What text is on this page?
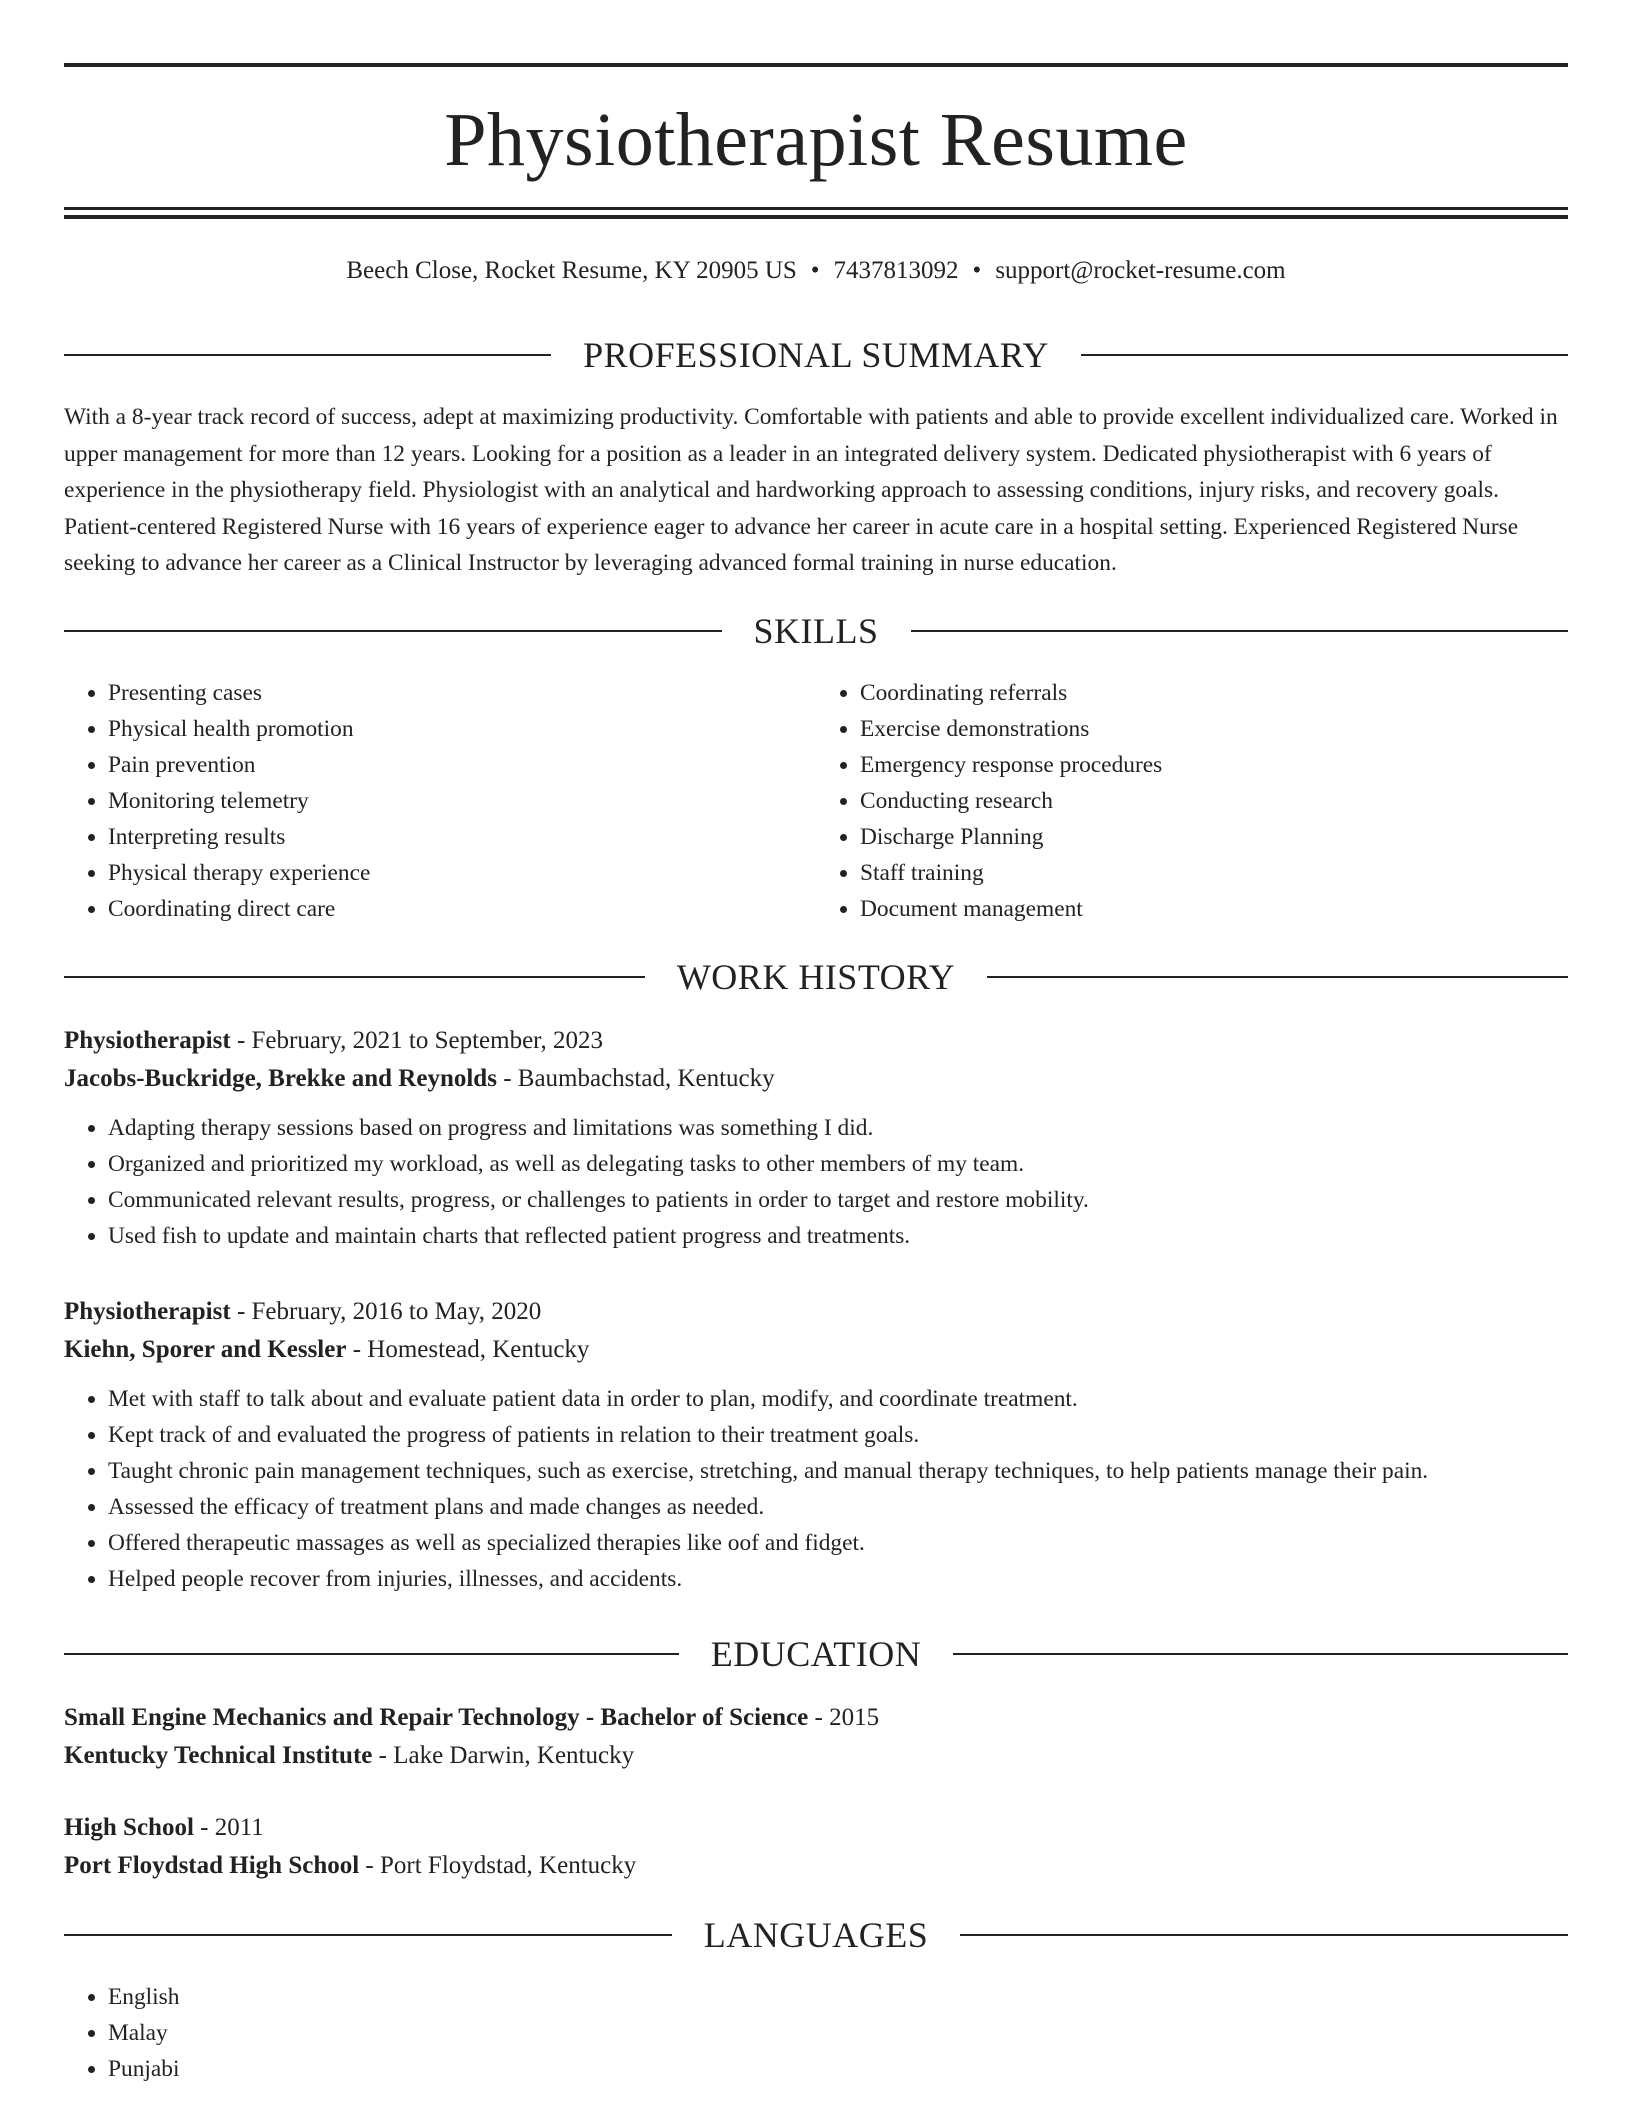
Physiotherapist Resume
Beech Close, Rocket Resume, KY 20905 US • 7437813092 • support@rocket-resume.com
PROFESSIONAL SUMMARY

With a 8-year track record of success, adept at maximizing productivity. Comfortable with patients and able to provide excellent individualized care. Worked in upper management for more than 12 years. Looking for a position as a leader in an integrated delivery system. Dedicated physiotherapist with 6 years of experience in the physiotherapy field. Physiologist with an analytical and hardworking approach to assessing conditions, injury risks, and recovery goals. Patient-centered Registered Nurse with 16 years of experience eager to advance her career in acute care in a hospital setting. Experienced Registered Nurse seeking to advance her career as a Clinical Instructor by leveraging advanced formal training in nurse education.

SKILLS
• Presenting cases
• Physical health promotion
• Pain prevention
• Monitoring telemetry
• Interpreting results
• Physical therapy experience
• Coordinating direct care
• Coordinating referrals
• Exercise demonstrations
• Emergency response procedures
• Conducting research
• Discharge Planning
• Staff training
• Document management
WORK HISTORY
Physiotherapist - February, 2021 to September, 2023
Jacobs-Buckridge, Brekke and Reynolds - Baumbachstad, Kentucky
• Adapting therapy sessions based on progress and limitations was something I did.
• Organized and prioritized my workload, as well as delegating tasks to other members of my team.
• Communicated relevant results, progress, or challenges to patients in order to target and restore mobility.
• Used fish to update and maintain charts that reflected patient progress and treatments.
Physiotherapist - February, 2016 to May, 2020
Kiehn, Sporer and Kessler - Homestead, Kentucky
• Met with staff to talk about and evaluate patient data in order to plan, modify, and coordinate treatment.
• Kept track of and evaluated the progress of patients in relation to their treatment goals.
• Taught chronic pain management techniques, such as exercise, stretching, and manual therapy techniques, to help patients manage their pain.
• Assessed the efficacy of treatment plans and made changes as needed.
• Offered therapeutic massages as well as specialized therapies like oof and fidget.
• Helped people recover from injuries, illnesses, and accidents.
EDUCATION
Small Engine Mechanics and Repair Technology - Bachelor of Science - 2015
Kentucky Technical Institute - Lake Darwin, Kentucky
High School - 2011
Port Floydstad High School - Port Floydstad, Kentucky
LANGUAGES
• English
• Malay
• Punjabi
